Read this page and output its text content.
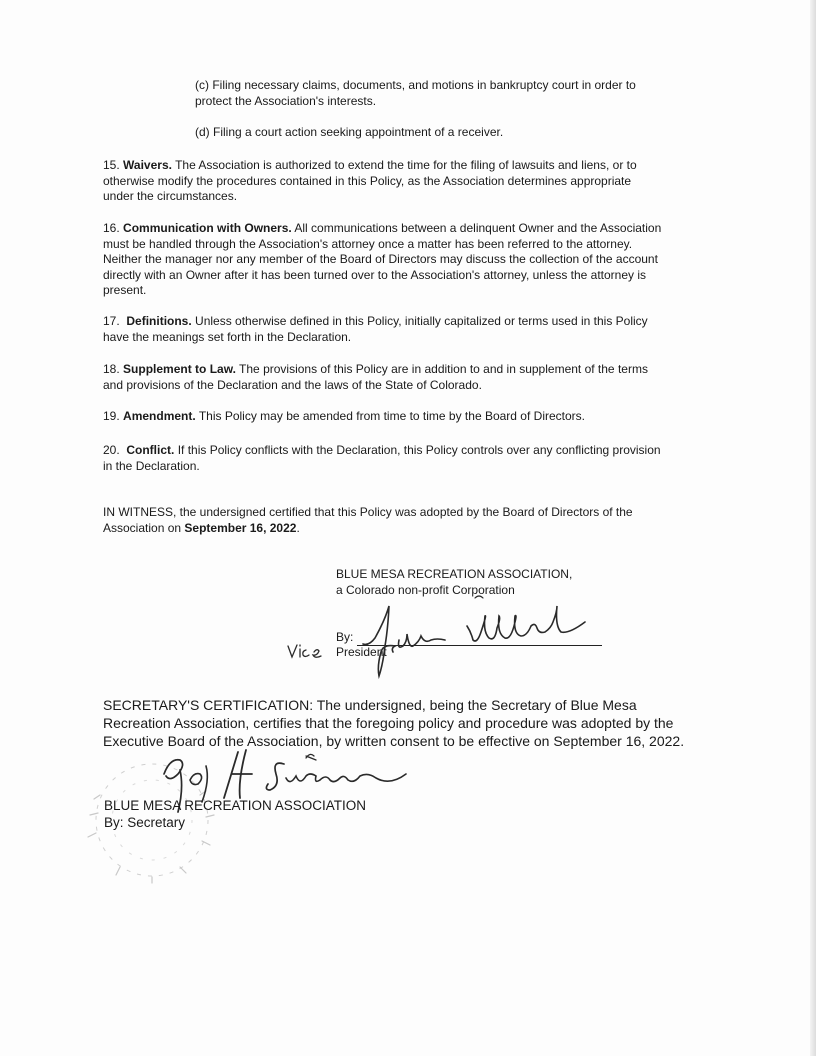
(c) Filing necessary claims, documents, and motions in bankruptcy court in order to

protect the Association's interests.

(d) Filing a court action seeking appointment of a receiver.

15. Waivers. The Association is authorized to extend the time for the filing of lawsuits and liens, or to

otherwise modify the procedures contained in this Policy, as the Association determines appropriate

under the circumstances.

16. Communication with Owners. All communications between a delinquent Owner and the Association

must be handled through the Association's attorney once a matter has been referred to the attorney.

Neither the manager nor any member of the Board of Directors may discuss the collection of the account

directly with an Owner after it has been turned over to the Association's attorney, unless the attorney is

present.

17. Definitions. Unless otherwise defined in this Policy, initially capitalized or terms used in this Policy

have the meanings set forth in the Declaration.

18. Supplement to Law. The provisions of this Policy are in addition to and in supplement of the terms

and provisions of the Declaration and the laws of the State of Colorado.

19. Amendment. This Policy may be amended from time to time by the Board of Directors.

20. Conflict. If this Policy conflicts with the Declaration, this Policy controls over any conflicting provision

in the Declaration.

IN WITNESS, the undersigned certified that this Policy was adopted by the Board of Directors of the

Association on September 16, 2022.

BLUE MESA RECREATION ASSOCIATION,
a Colorado non-profit Corporation
By:
President

SECRETARY'S CERTIFICATION: The undersigned, being the Secretary of Blue Mesa

Recreation Association, certifies that the foregoing policy and procedure was adopted by the

Executive Board of the Association, by written consent to be effective on September 16, 2022.

BLUE MESA RECREATION ASSOCIATION
By: Secretary
